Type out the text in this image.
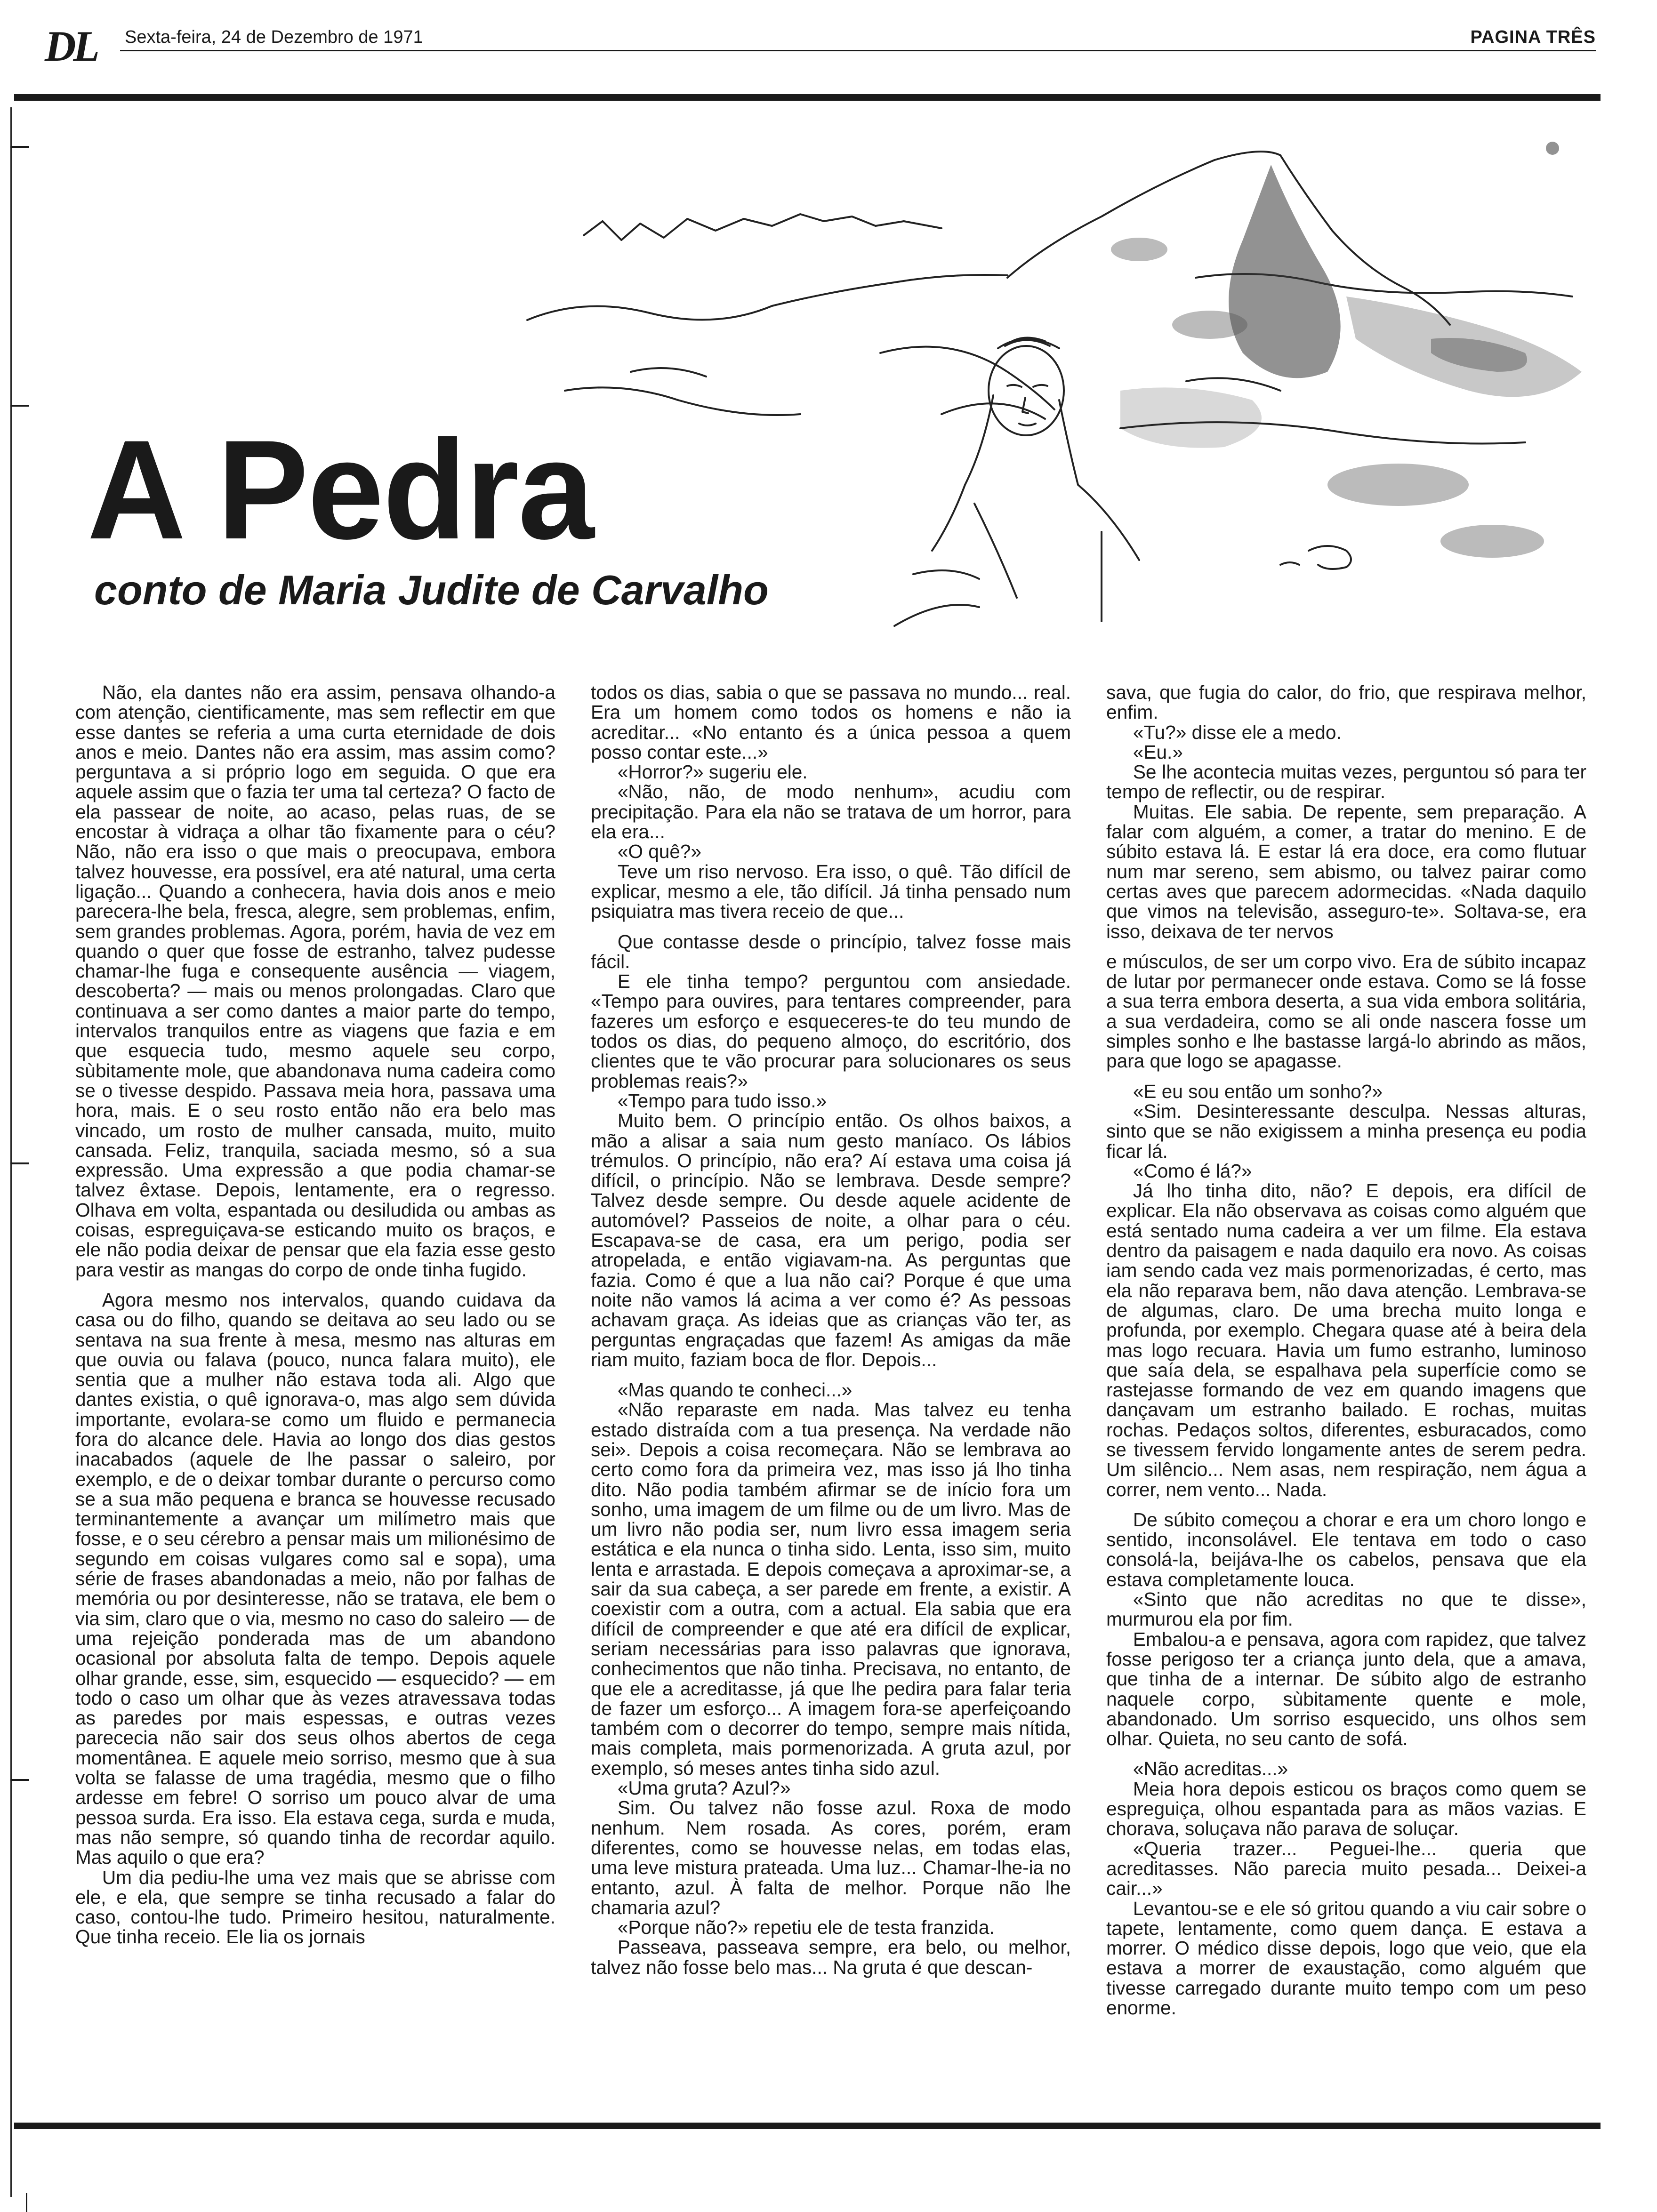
DL Sexta-feira, 24 de Dezembro de 1971	PAGINA TRÊS
A Pedra
conto de Maria Judite de Carvalho

Não, ela dantes não era assim, pensava olhando-a com atenção, cientificamente, mas sem reflectir em que esse dantes se referia a uma curta eternidade de dois anos e meio. Dantes não era assim, mas assim como? perguntava a si próprio logo em seguida. O que era aquele assim que o fazia ter uma tal certeza? O facto de ela passear de noite, ao acaso, pelas ruas, de se encostar à vidraça a olhar tão fixamente para o céu? Não, não era isso o que mais o preocupava, embora talvez houvesse, era possível, era até natural, uma certa ligação... Quando a conhecera, havia dois anos e meio parecera-lhe bela, fresca, alegre, sem problemas, enfim, sem grandes problemas. Agora, porém, havia de vez em quando o quer que fosse de estranho, talvez pudesse chamar-lhe fuga e consequente ausência — viagem, descoberta? — mais ou menos prolongadas. Claro que continuava a ser como dantes a maior parte do tempo, intervalos tranquilos entre as viagens que fazia e em que esquecia tudo, mesmo aquele seu corpo, sùbitamente mole, que abandonava numa cadeira como se o tivesse despido. Passava meia hora, passava uma hora, mais. E o seu rosto então não era belo mas vincado, um rosto de mulher cansada, muito, muito cansada. Feliz, tranquila, saciada mesmo, só a sua expressão. Uma expressão a que podia chamar-se talvez êxtase. Depois, lentamente, era o regresso. Olhava em volta, espantada ou desiludida ou ambas as coisas, espreguiçava-se esticando muito os braços, e ele não podia deixar de pensar que ela fazia esse gesto para vestir as mangas do corpo de onde tinha fugido.

Agora mesmo nos intervalos, quando cuidava da casa ou do filho, quando se deitava ao seu lado ou se sentava na sua frente à mesa, mesmo nas alturas em que ouvia ou falava (pouco, nunca falara muito), ele sentia que a mulher não estava toda ali. Algo que dantes existia, o quê ignorava-o, mas algo sem dúvida importante, evolara-se como um fluido e permanecia fora do alcance dele. Havia ao longo dos dias gestos inacabados (aquele de lhe passar o saleiro, por exemplo, e de o deixar tombar durante o percurso como se a sua mão pequena e branca se houvesse recusado terminantemente a avançar um milímetro mais que fosse, e o seu cérebro a pensar mais um milionésimo de segundo em coisas vulgares como sal e sopa), uma série de frases abandonadas a meio, não por falhas de memória ou por desinteresse, não se tratava, ele bem o via sim, claro que o via, mesmo no caso do saleiro — de uma rejeição ponderada mas de um abandono ocasional por absoluta falta de tempo. Depois aquele olhar grande, esse, sim, esquecido — esquecido? — em todo o caso um olhar que às vezes atravessava todas as paredes por mais espessas, e outras vezes parececia não sair dos seus olhos abertos de cega momentânea. E aquele meio sorriso, mesmo que à sua volta se falasse de uma tragédia, mesmo que o filho ardesse em febre! O sorriso um pouco alvar de uma pessoa surda. Era isso. Ela estava cega, surda e muda, mas não sempre, só quando tinha de recordar aquilo. Mas aquilo o que era?

Um dia pediu-lhe uma vez mais que se abrisse com ele, e ela, que sempre se tinha recusado a falar do caso, contou-lhe tudo. Primeiro hesitou, naturalmente. Que tinha receio. Ele lia os jornais

todos os dias, sabia o que se passava no mundo... real. Era um homem como todos os homens e não ia acreditar... «No entanto és a única pessoa a quem posso contar este...»

«Horror?» sugeriu ele.

«Não, não, de modo nenhum», acudiu com precipitação. Para ela não se tratava de um horror, para ela era...

«O quê?»

Teve um riso nervoso. Era isso, o quê. Tão difícil de explicar, mesmo a ele, tão difícil. Já tinha pensado num psiquiatra mas tivera receio de que...

Que contasse desde o princípio, talvez fosse mais fácil.

E ele tinha tempo? perguntou com ansiedade. «Tempo para ouvires, para tentares compreender, para fazeres um esforço e esqueceres-te do teu mundo de todos os dias, do pequeno almoço, do escritório, dos clientes que te vão procurar para solucionares os seus problemas reais?»

«Tempo para tudo isso.»

Muito bem. O princípio então. Os olhos baixos, a mão a alisar a saia num gesto maníaco. Os lábios trémulos. O princípio, não era? Aí estava uma coisa já difícil, o princípio. Não se lembrava. Desde sempre? Talvez desde sempre. Ou desde aquele acidente de automóvel? Passeios de noite, a olhar para o céu. Escapava-se de casa, era um perigo, podia ser atropelada, e então vigiavam-na. As perguntas que fazia. Como é que a lua não cai? Porque é que uma noite não vamos lá acima a ver como é? As pessoas achavam graça. As ideias que as crianças vão ter, as perguntas engraçadas que fazem! As amigas da mãe riam muito, faziam boca de flor. Depois...

«Mas quando te conheci...»

«Não reparaste em nada. Mas talvez eu tenha estado distraída com a tua presença. Na verdade não sei». Depois a coisa recomeçara. Não se lembrava ao certo como fora da primeira vez, mas isso já lho tinha dito. Não podia também afirmar se de início fora um sonho, uma imagem de um filme ou de um livro. Mas de um livro não podia ser, num livro essa imagem seria estática e ela nunca o tinha sido. Lenta, isso sim, muito lenta e arrastada. E depois começava a aproximar-se, a sair da sua cabeça, a ser parede em frente, a existir. A coexistir com a outra, com a actual. Ela sabia que era difícil de compreender e que até era difícil de explicar, seriam necessárias para isso palavras que ignorava, conhecimentos que não tinha. Precisava, no entanto, de que ele a acreditasse, já que lhe pedira para falar teria de fazer um esforço... A imagem fora-se aperfeiçoando também com o decorrer do tempo, sempre mais nítida, mais completa, mais pormenorizada. A gruta azul, por exemplo, só meses antes tinha sido azul.

«Uma gruta? Azul?»

Sim. Ou talvez não fosse azul. Roxa de modo nenhum. Nem rosada. As cores, porém, eram diferentes, como se houvesse nelas, em todas elas, uma leve mistura prateada. Uma luz... Chamar-lhe-ia no entanto, azul. À falta de melhor. Porque não lhe chamaria azul?

«Porque não?» repetiu ele de testa franzida.

Passeava, passeava sempre, era belo, ou melhor, talvez não fosse belo mas... Na gruta é que descan-

sava, que fugia do calor, do frio, que respirava melhor, enfim.

«Tu?» disse ele a medo.

«Eu.»

Se lhe acontecia muitas vezes, perguntou só para ter tempo de reflectir, ou de respirar.

Muitas. Ele sabia. De repente, sem preparação. A falar com alguém, a comer, a tratar do menino. E de súbito estava lá. E estar lá era doce, era como flutuar num mar sereno, sem abismo, ou talvez pairar como certas aves que parecem adormecidas. «Nada daquilo que vimos na televisão, asseguro-te». Soltava-se, era isso, deixava de ter nervos

e músculos, de ser um corpo vivo. Era de súbito incapaz de lutar por permanecer onde estava. Como se lá fosse a sua terra embora deserta, a sua vida embora solitária, a sua verdadeira, como se ali onde nascera fosse um simples sonho e lhe bastasse largá-lo abrindo as mãos, para que logo se apagasse.

«E eu sou então um sonho?»

«Sim. Desinteressante desculpa. Nessas alturas, sinto que se não exigissem a minha presença eu podia ficar lá.

«Como é lá?»

Já lho tinha dito, não? E depois, era difícil de explicar. Ela não observava as coisas como alguém que está sentado numa cadeira a ver um filme. Ela estava dentro da paisagem e nada daquilo era novo. As coisas iam sendo cada vez mais pormenorizadas, é certo, mas ela não reparava bem, não dava atenção. Lembrava-se de algumas, claro. De uma brecha muito longa e profunda, por exemplo. Chegara quase até à beira dela mas logo recuara. Havia um fumo estranho, luminoso que saía dela, se espalhava pela superfície como se rastejasse formando de vez em quando imagens que dançavam um estranho bailado. E rochas, muitas rochas. Pedaços soltos, diferentes, esburacados, como se tivessem fervido longamente antes de serem pedra. Um silêncio... Nem asas, nem respiração, nem água a correr, nem vento... Nada.

De súbito começou a chorar e era um choro longo e sentido, inconsolável. Ele tentava em todo o caso consolá-la, beijáva-lhe os cabelos, pensava que ela estava completamente louca.

«Sinto que não acreditas no que te disse», murmurou ela por fim.

Embalou-a e pensava, agora com rapidez, que talvez fosse perigoso ter a criança junto dela, que a amava, que tinha de a internar. De súbito algo de estranho naquele corpo, sùbitamente quente e mole, abandonado. Um sorriso esquecido, uns olhos sem olhar. Quieta, no seu canto de sofá.

«Não acreditas...»

Meia hora depois esticou os braços como quem se espreguiça, olhou espantada para as mãos vazias. E chorava, soluçava não parava de soluçar.

«Queria trazer... Peguei-lhe... queria que acreditasses. Não parecia muito pesada... Deixei-a cair...»

Levantou-se e ele só gritou quando a viu cair sobre o tapete, lentamente, como quem dança. E estava a morrer. O médico disse depois, logo que veio, que ela estava a morrer de exaustação, como alguém que tivesse carregado durante muito tempo com um peso enorme.
